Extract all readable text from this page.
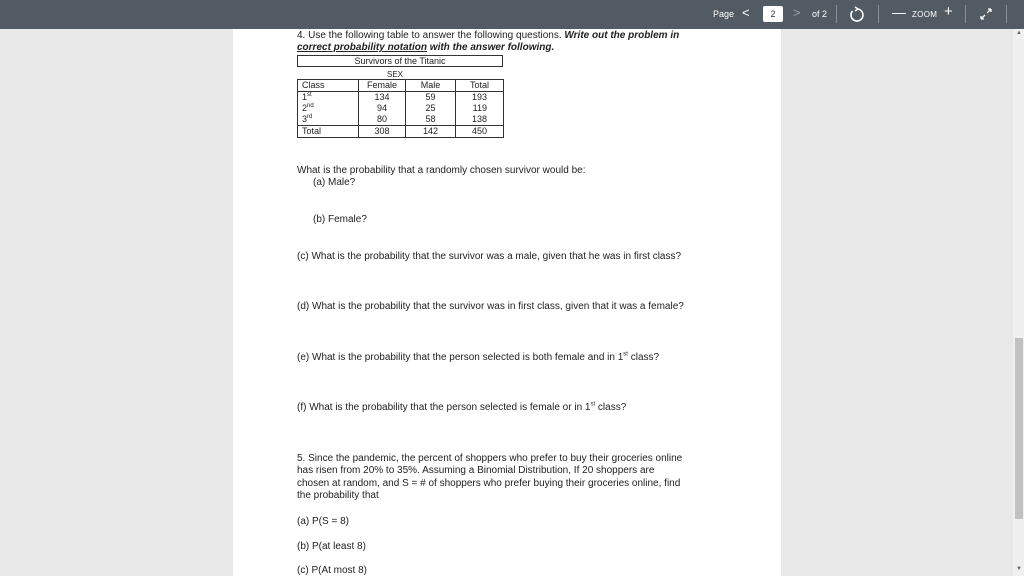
Page <	2	> of 2	— ZOOM +
4. Use the following table to answer the following questions. Write out the problem in
correct probability notation with the answer following.
Survivors of the Titanic
SEX
Class	Female	Male	Total
1st	134	59	193
2nd	94	25	119
3rd	80	58	138
Total	308	142	450
What is the probability that a randomly chosen survivor would be:
(a) Male?
(b) Female?
(c) What is the probability that the survivor was a male, given that he was in first class?
(d) What is the probability that the survivor was in first class, given that it was a female?
(e) What is the probability that the person selected is both female and in 1st class?
(f) What is the probability that the person selected is female or in 1st class?
5. Since the pandemic, the percent of shoppers who prefer to buy their groceries online
has risen from 20% to 35%. Assuming a Binomial Distribution, If 20 shoppers are
chosen at random, and S = # of shoppers who prefer buying their groceries online, find
the probability that
(a) P(S = 8)
(b) P(at least 8)
(c) P(At most 8)
▲
▼
